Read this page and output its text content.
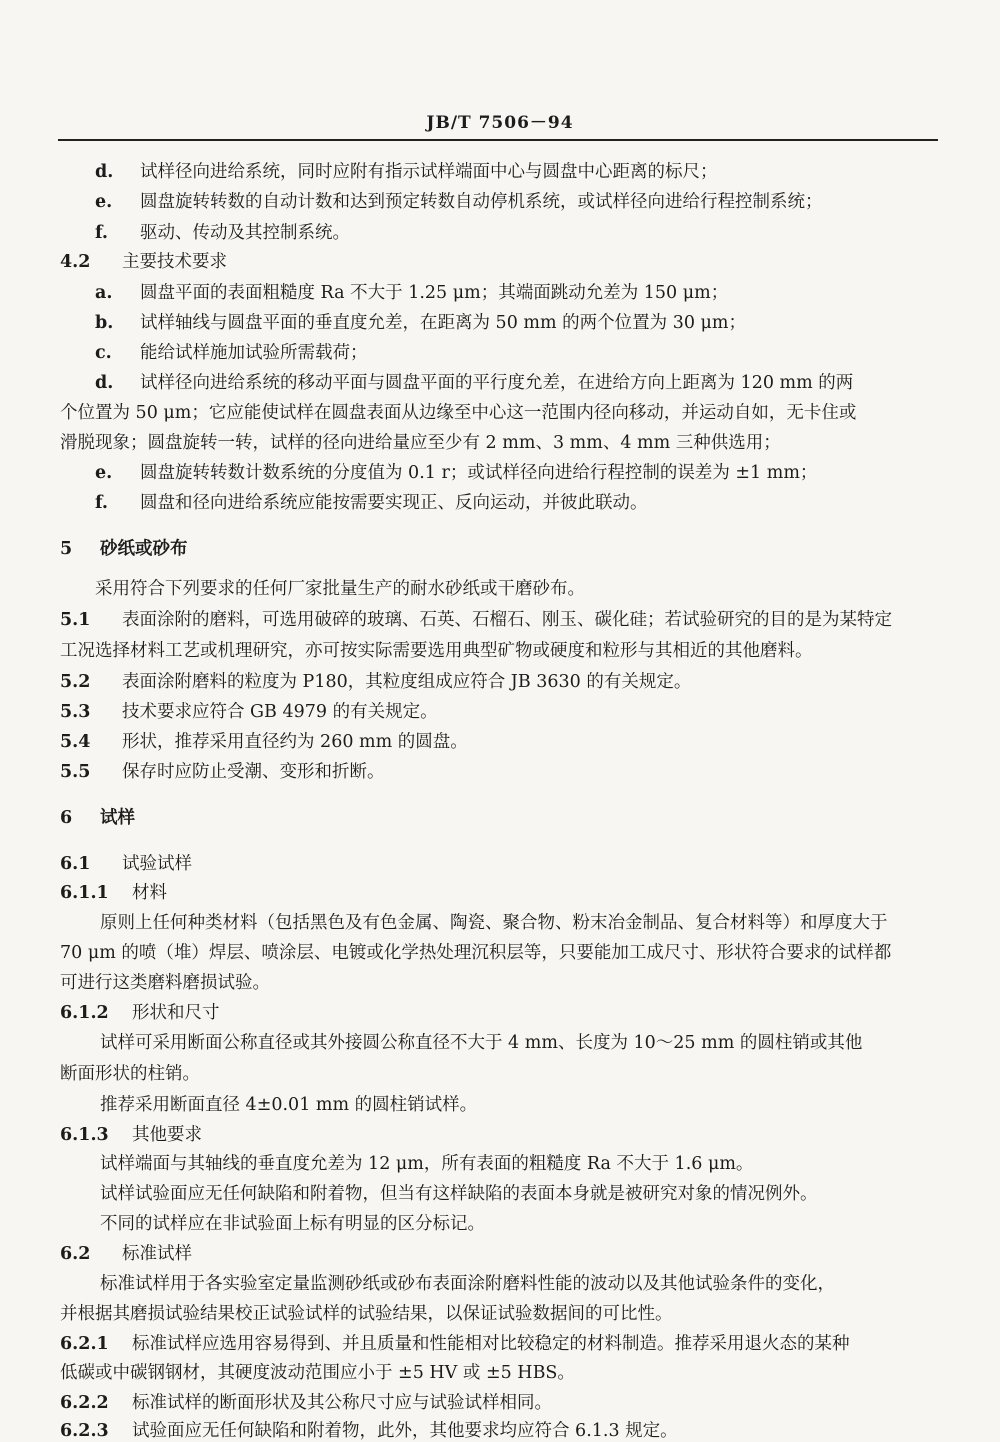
JB/T 7506－94
d. 试样径向进给系统，同时应附有指示试样端面中心与圆盘中心距离的标尺；
e. 圆盘旋转转数的自动计数和达到预定转数自动停机系统，或试样径向进给行程控制系统；
f. 驱动、传动及其控制系统。
4.2 主要技术要求
a. 圆盘平面的表面粗糙度 Ra 不大于 1.25 μm；其端面跳动允差为 150 μm；
b. 试样轴线与圆盘平面的垂直度允差，在距离为 50 mm 的两个位置为 30 μm；
c. 能给试样施加试验所需载荷；
d. 试样径向进给系统的移动平面与圆盘平面的平行度允差，在进给方向上距离为 120 mm 的两
个位置为 50 μm；它应能使试样在圆盘表面从边缘至中心这一范围内径向移动，并运动自如，无卡住或
滑脱现象；圆盘旋转一转，试样的径向进给量应至少有 2 mm、3 mm、4 mm 三种供选用；
e. 圆盘旋转转数计数系统的分度值为 0.1 r；或试样径向进给行程控制的误差为 ±1 mm；
f. 圆盘和径向进给系统应能按需要实现正、反向运动，并彼此联动。
5 砂纸或砂布
采用符合下列要求的任何厂家批量生产的耐水砂纸或干磨砂布。
5.1 表面涂附的磨料，可选用破碎的玻璃、石英、石榴石、刚玉、碳化硅；若试验研究的目的是为某特定
工况选择材料工艺或机理研究，亦可按实际需要选用典型矿物或硬度和粒形与其相近的其他磨料。
5.2 表面涂附磨料的粒度为 P180，其粒度组成应符合 JB 3630 的有关规定。
5.3 技术要求应符合 GB 4979 的有关规定。
5.4 形状，推荐采用直径约为 260 mm 的圆盘。
5.5 保存时应防止受潮、变形和折断。
6 试样
6.1 试验试样
6.1.1 材料
原则上任何种类材料（包括黑色及有色金属、陶瓷、聚合物、粉末冶金制品、复合材料等）和厚度大于
70 μm 的喷（堆）焊层、喷涂层、电镀或化学热处理沉积层等，只要能加工成尺寸、形状符合要求的试样都
可进行这类磨料磨损试验。
6.1.2 形状和尺寸
试样可采用断面公称直径或其外接圆公称直径不大于 4 mm、长度为 10～25 mm 的圆柱销或其他
断面形状的柱销。
推荐采用断面直径 4±0.01 mm 的圆柱销试样。
6.1.3 其他要求
试样端面与其轴线的垂直度允差为 12 μm，所有表面的粗糙度 Ra 不大于 1.6 μm。
试样试验面应无任何缺陷和附着物，但当有这样缺陷的表面本身就是被研究对象的情况例外。
不同的试样应在非试验面上标有明显的区分标记。
6.2 标准试样
标准试样用于各实验室定量监测砂纸或砂布表面涂附磨料性能的波动以及其他试验条件的变化，
并根据其磨损试验结果校正试验试样的试验结果，以保证试验数据间的可比性。
6.2.1 标准试样应选用容易得到、并且质量和性能相对比较稳定的材料制造。推荐采用退火态的某种
低碳或中碳钢钢材，其硬度波动范围应小于 ±5 HV 或 ±5 HBS。
6.2.2 标准试样的断面形状及其公称尺寸应与试验试样相同。
6.2.3 试验面应无任何缺陷和附着物，此外，其他要求均应符合 6.1.3 规定。
